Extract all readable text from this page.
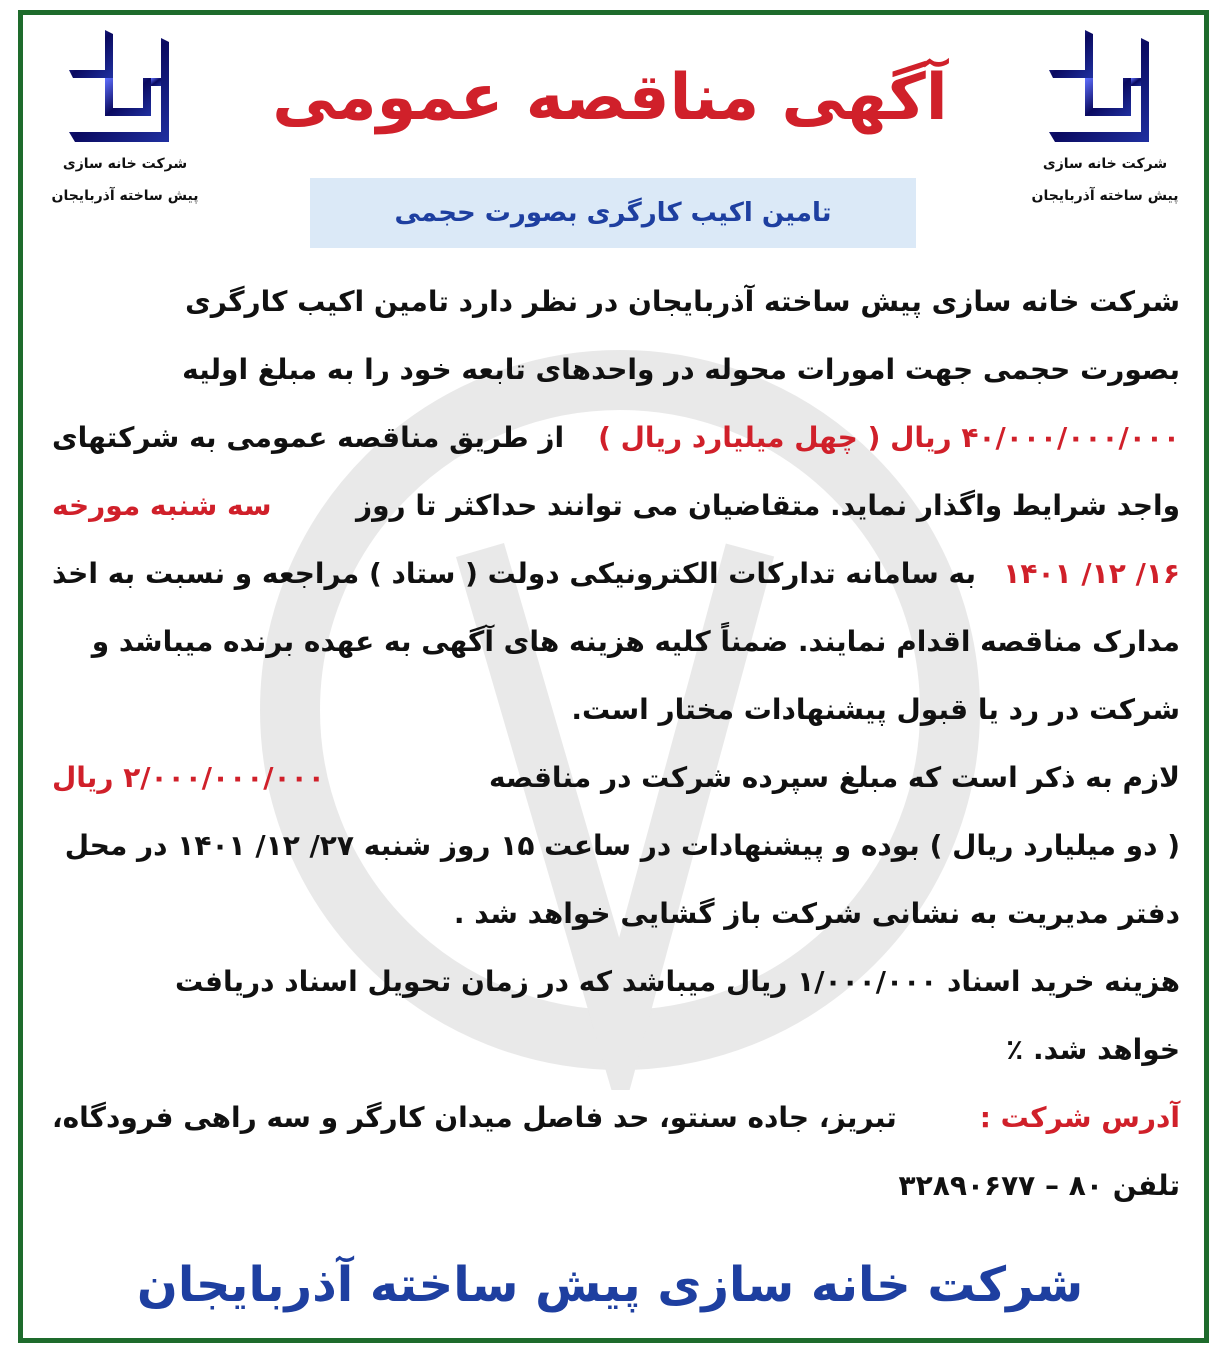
شرکت خانه سازی
پیش ساخته آذربایجان
شرکت خانه سازی
پیش ساخته آذربایجان
آگهی مناقصه عمومی
تامین اکیب کارگری بصورت حجمی
شرکت خانه سازی پیش ساخته آذربایجان در نظر دارد تامین اکیب کارگری
بصورت حجمی جهت امورات محوله در واحدهای تابعه خود را به مبلغ اولیه
۴۰/۰۰۰/۰۰۰/۰۰۰ ریال ( چهل میلیارد ریال )
از طریق مناقصه عمومی به شرکتهای
واجد شرایط واگذار نماید. متقاضیان می توانند حداکثر تا روز
سه شنبه مورخه
۱۶/ ۱۲/ ۱۴۰۱
به سامانه تدارکات الکترونیکی دولت ( ستاد ) مراجعه و نسبت به اخذ
مدارک مناقصه اقدام نمایند. ضمناً کلیه هزینه های آگهی به عهده برنده میباشد و
شرکت در رد یا قبول پیشنهادات مختار است.
لازم به ذکر است که مبلغ سپرده شرکت در مناقصه
۲/۰۰۰/۰۰۰/۰۰۰ ریال
( دو میلیارد ریال ) بوده و پیشنهادات در ساعت ۱۵ روز شنبه ۲۷/ ۱۲/ ۱۴۰۱ در محل
دفتر مدیریت به نشانی شرکت باز گشایی خواهد شد .
هزینه خرید اسناد ۱/۰۰۰/۰۰۰ ریال میباشد که در زمان تحویل اسناد دریافت
خواهد شد. ٪
آدرس شرکت :
تبریز، جاده سنتو، حد فاصل میدان کارگر و سه راهی فرودگاه،
تلفن ۸۰ – ۳۲۸۹۰۶۷۷
شرکت خانه سازی پیش ساخته آذربایجان
